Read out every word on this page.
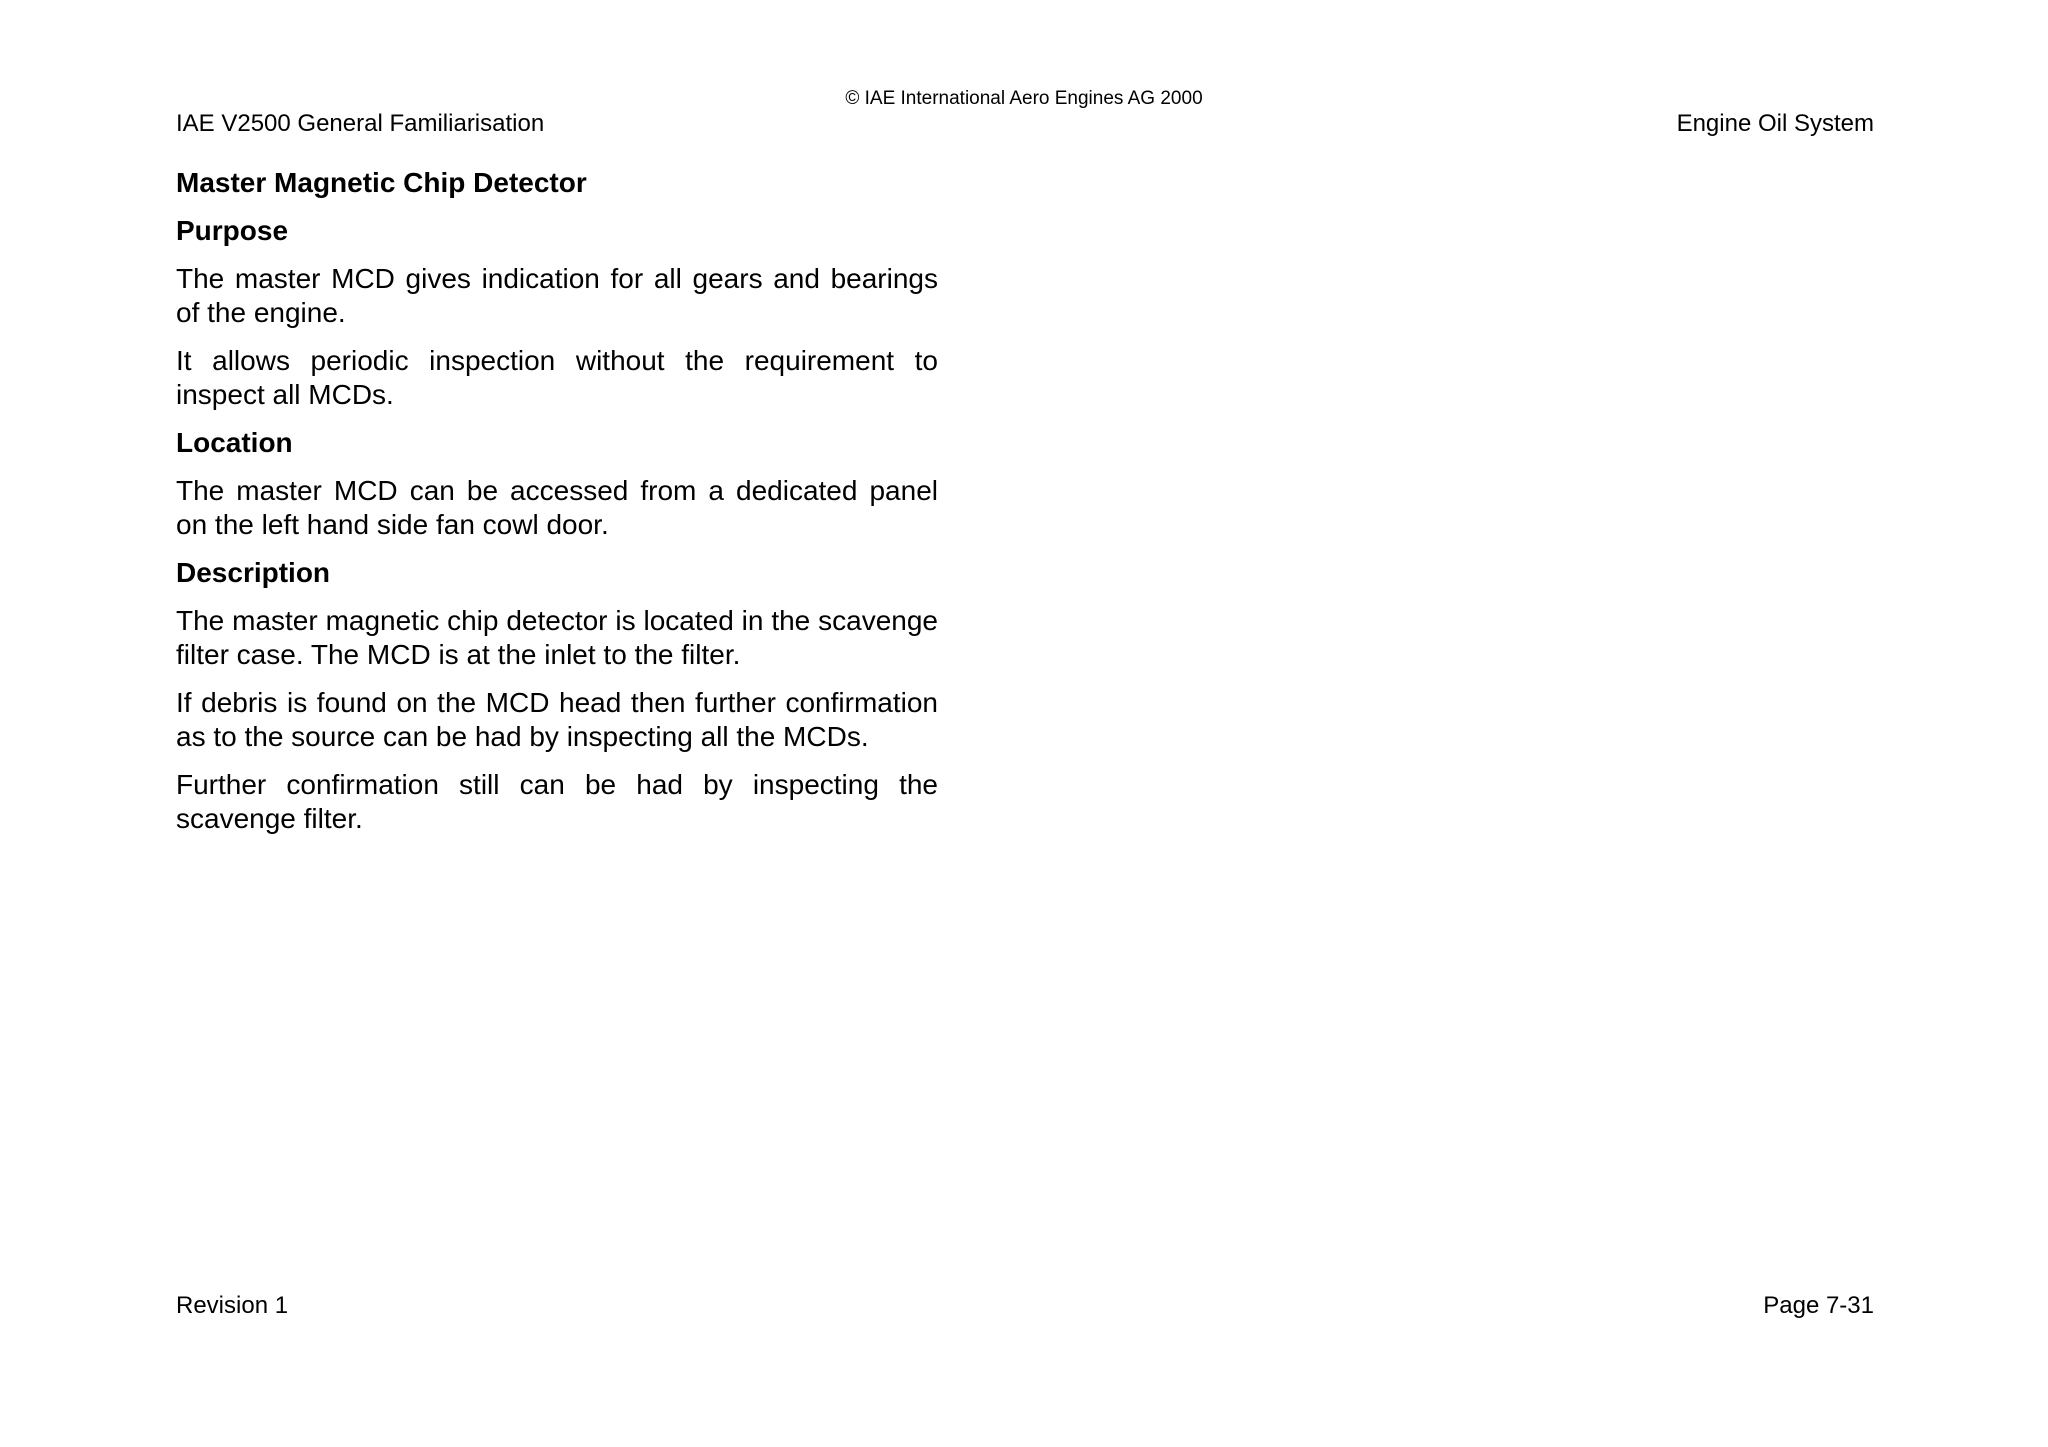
© IAE International Aero Engines AG 2000
IAE V2500 General Familiarisation	Engine Oil System
Master Magnetic Chip Detector
Purpose

The master MCD gives indication for all gears and bearings of the engine.

It allows periodic inspection without the requirement to inspect all MCDs.

Location

The master MCD can be accessed from a dedicated panel on the left hand side fan cowl door.

Description

The master magnetic chip detector is located in the scavenge filter case. The MCD is at the inlet to the filter.

If debris is found on the MCD head then further confirmation as to the source can be had by inspecting all the MCDs.

Further confirmation still can be had by inspecting the scavenge filter.

Revision 1	Page 7-31
